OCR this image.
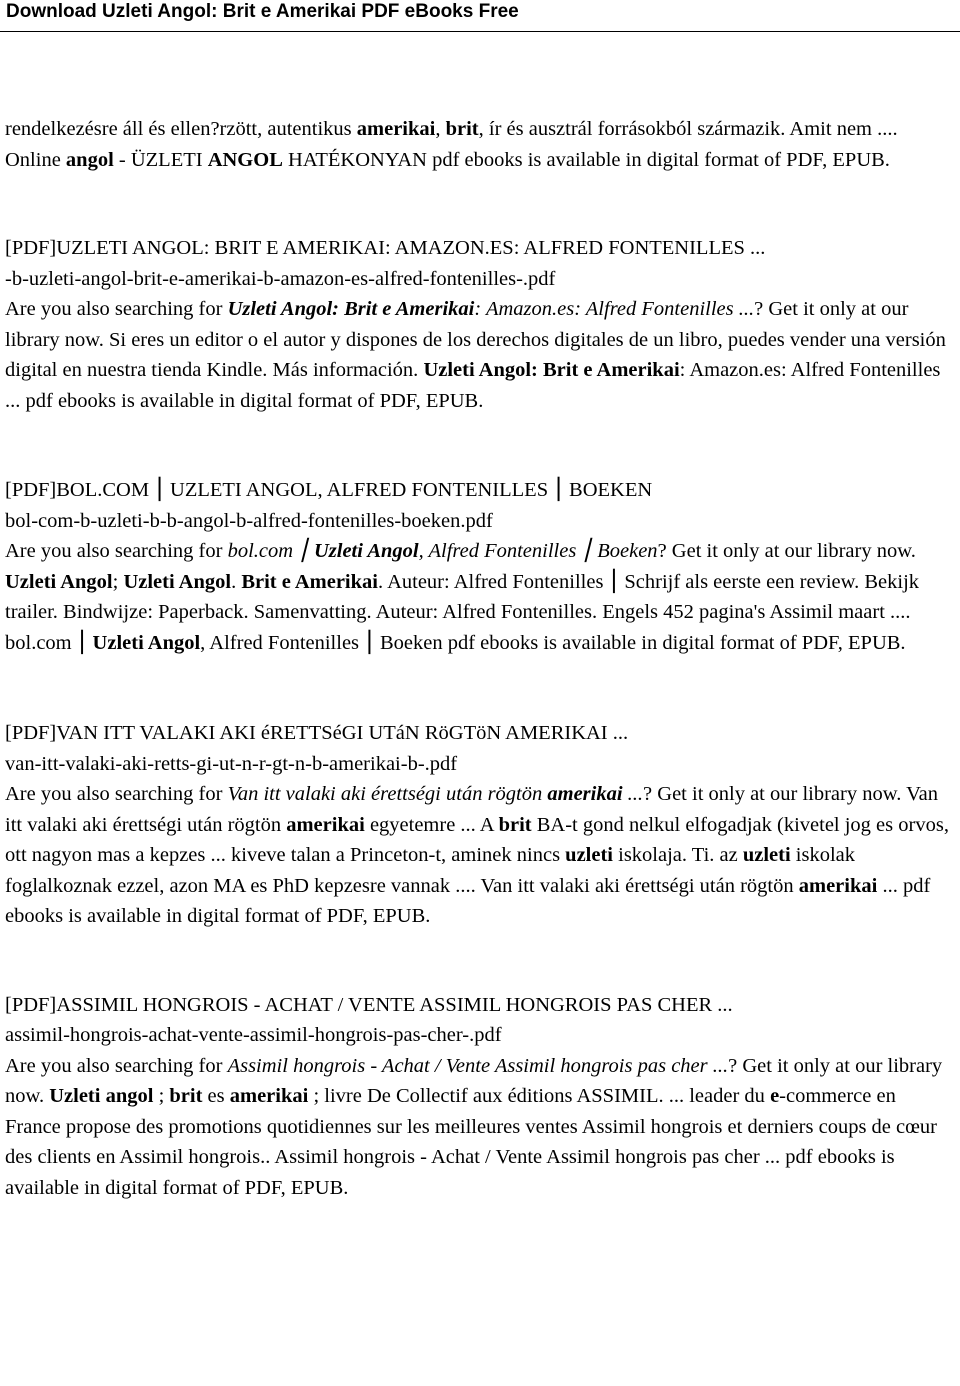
Download Uzleti Angol: Brit e Amerikai PDF eBooks Free

rendelkezésre áll és ellen?rzött, autentikus amerikai, brit, ír és ausztrál forrásokból származik. Amit nem .... Online angol - ÜZLETI ANGOL HATÉKONYAN pdf ebooks is available in digital format of PDF, EPUB.

[PDF]UZLETI ANGOL: BRIT E AMERIKAI: AMAZON.ES: ALFRED FONTENILLES ...

-b-uzleti-angol-brit-e-amerikai-b-amazon-es-alfred-fontenilles-.pdf

Are you also searching for Uzleti Angol: Brit e Amerikai: Amazon.es: Alfred Fontenilles ...? Get it only at our library now. Si eres un editor o el autor y dispones de los derechos digitales de un libro, puedes vender una versión digital en nuestra tienda Kindle. Más información. Uzleti Angol: Brit e Amerikai: Amazon.es: Alfred Fontenilles ... pdf ebooks is available in digital format of PDF, EPUB.

[PDF]BOL.COM ⎮ UZLETI ANGOL, ALFRED FONTENILLES ⎮ BOEKEN

bol-com-b-uzleti-b-b-angol-b-alfred-fontenilles-boeken.pdf

Are you also searching for bol.com ⎮ Uzleti Angol, Alfred Fontenilles ⎮ Boeken? Get it only at our library now. Uzleti Angol; Uzleti Angol. Brit e Amerikai. Auteur: Alfred Fontenilles ⎮ Schrijf als eerste een review. Bekijk trailer. Bindwijze: Paperback. Samenvatting. Auteur: Alfred Fontenilles. Engels 452 pagina's Assimil maart .... bol.com ⎮ Uzleti Angol, Alfred Fontenilles ⎮ Boeken pdf ebooks is available in digital format of PDF, EPUB.

[PDF]VAN ITT VALAKI AKI éRETTSéGI UTáN RöGTöN AMERIKAI ...

van-itt-valaki-aki-retts-gi-ut-n-r-gt-n-b-amerikai-b-.pdf

Are you also searching for Van itt valaki aki érettségi után rögtön amerikai ...? Get it only at our library now. Van itt valaki aki érettségi után rögtön amerikai egyetemre ... A brit BA-t gond nelkul elfogadjak (kivetel jog es orvos, ott nagyon mas a kepzes ... kiveve talan a Princeton-t, aminek nincs uzleti iskolaja. Ti. az uzleti iskolak foglalkoznak ezzel, azon MA es PhD kepzesre vannak .... Van itt valaki aki érettségi után rögtön amerikai ... pdf ebooks is available in digital format of PDF, EPUB.

[PDF]ASSIMIL HONGROIS - ACHAT / VENTE ASSIMIL HONGROIS PAS CHER ...

assimil-hongrois-achat-vente-assimil-hongrois-pas-cher-.pdf

Are you also searching for Assimil hongrois - Achat / Vente Assimil hongrois pas cher ...? Get it only at our library now. Uzleti angol ; brit es amerikai ; livre De Collectif aux éditions ASSIMIL. ... leader du e-commerce en France propose des promotions quotidiennes sur les meilleures ventes Assimil hongrois et derniers coups de cœur des clients en Assimil hongrois.. Assimil hongrois - Achat / Vente Assimil hongrois pas cher ... pdf ebooks is available in digital format of PDF, EPUB.
